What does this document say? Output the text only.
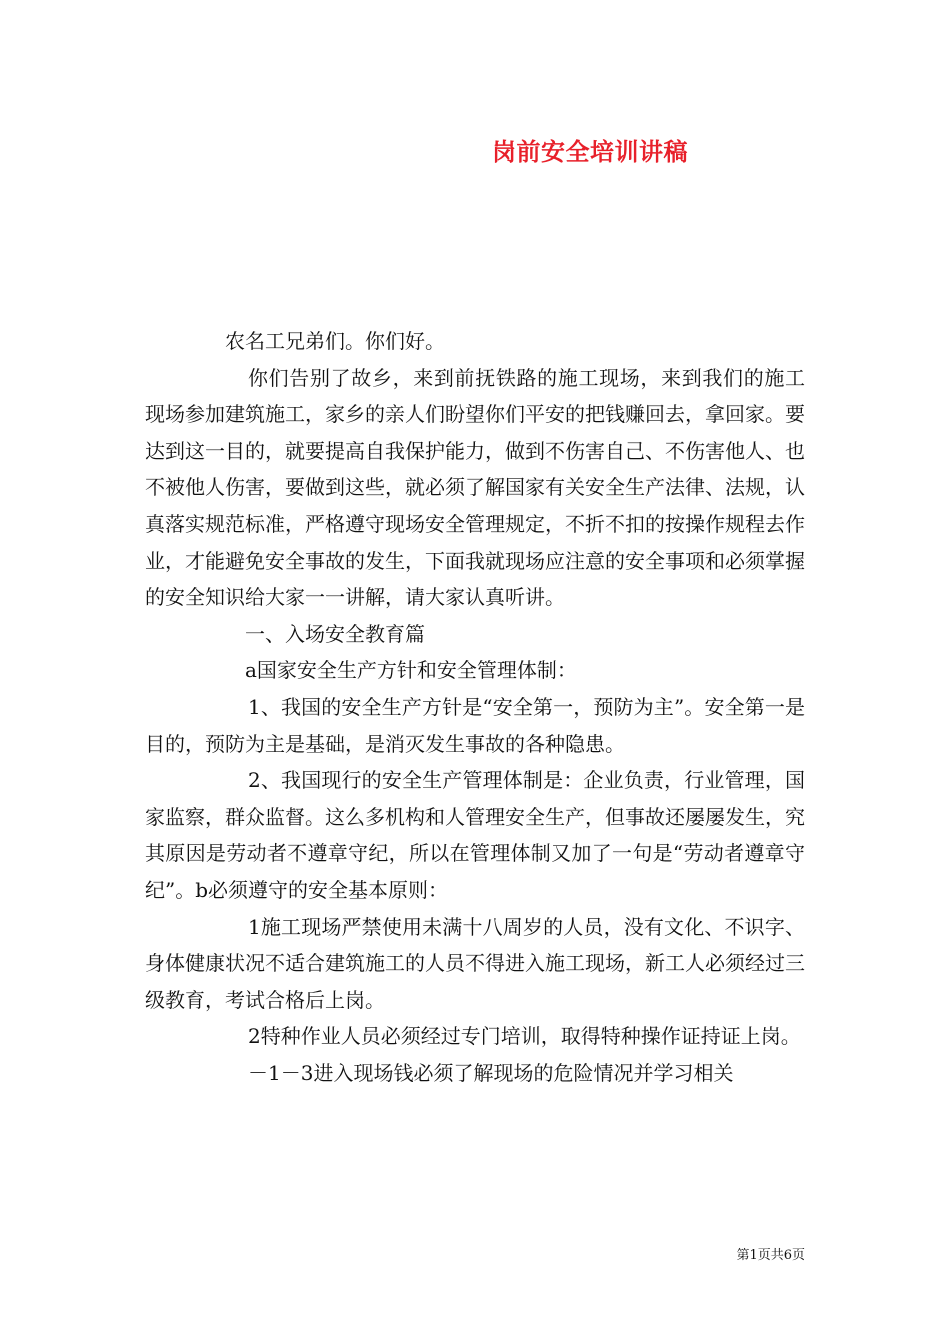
岗前安全培训讲稿

农名工兄弟们。你们好。

你们告别了故乡，来到前抚铁路的施工现场，来到我们的施工现场参加建筑施工，家乡的亲人们盼望你们平安的把钱赚回去，拿回家。要达到这一目的，就要提高自我保护能力，做到不伤害自己、不伤害他人、也不被他人伤害，要做到这些，就必须了解国家有关安全生产法律、法规，认真落实规范标准，严格遵守现场安全管理规定，不折不扣的按操作规程去作业，才能避免安全事故的发生，下面我就现场应注意的安全事项和必须掌握的安全知识给大家一一讲解，请大家认真听讲。

一、入场安全教育篇

a国家安全生产方针和安全管理体制：

1、我国的安全生产方针是“安全第一，预防为主”。安全第一是目的，预防为主是基础，是消灭发生事故的各种隐患。

2、我国现行的安全生产管理体制是：企业负责，行业管理，国家监察，群众监督。这么多机构和人管理安全生产，但事故还屡屡发生，究其原因是劳动者不遵章守纪，所以在管理体制又加了一句是“劳动者遵章守纪”。b必须遵守的安全基本原则：

1施工现场严禁使用未满十八周岁的人员，没有文化、不识字、身体健康状况不适合建筑施工的人员不得进入施工现场，新工人必须经过三级教育，考试合格后上岗。

2特种作业人员必须经过专门培训，取得特种操作证持证上岗。

－1－3进入现场钱必须了解现场的危险情况并学习相关

第1页共6页
